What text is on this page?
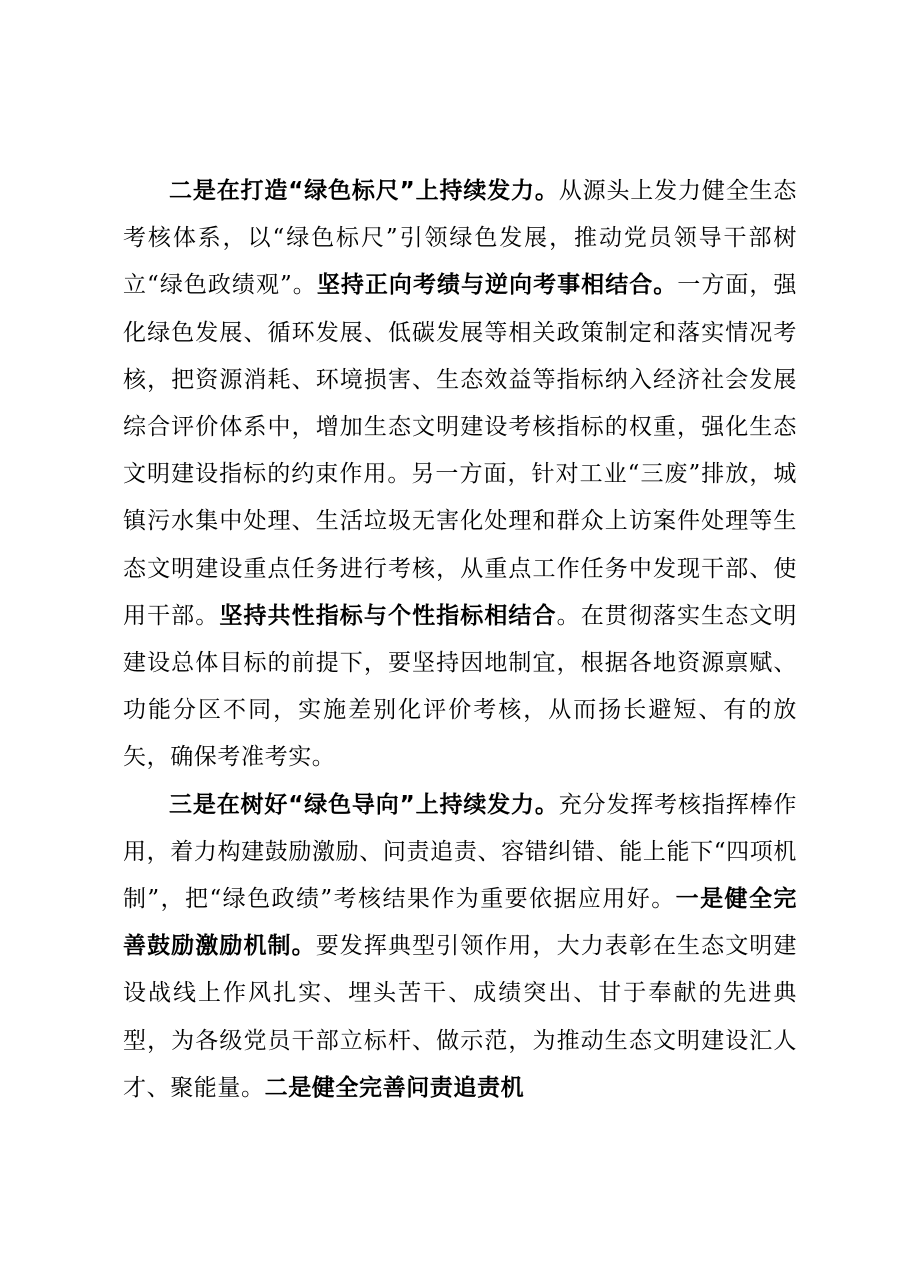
二是在打造“绿色标尺”上持续发力。从源头上发力健全生态考核体系，以“绿色标尺”引领绿色发展，推动党员领导干部树立“绿色政绩观”。坚持正向考绩与逆向考事相结合。一方面，强化绿色发展、循环发展、低碳发展等相关政策制定和落实情况考核，把资源消耗、环境损害、生态效益等指标纳入经济社会发展综合评价体系中，增加生态文明建设考核指标的权重，强化生态文明建设指标的约束作用。另一方面，针对工业“三废”排放，城镇污水集中处理、生活垃圾无害化处理和群众上访案件处理等生态文明建设重点任务进行考核，从重点工作任务中发现干部、使用干部。坚持共性指标与个性指标相结合。在贯彻落实生态文明建设总体目标的前提下，要坚持因地制宜，根据各地资源禀赋、功能分区不同，实施差别化评价考核，从而扬长避短、有的放矢，确保考准考实。

三是在树好“绿色导向”上持续发力。充分发挥考核指挥棒作用，着力构建鼓励激励、问责追责、容错纠错、能上能下“四项机制”，把“绿色政绩”考核结果作为重要依据应用好。一是健全完善鼓励激励机制。要发挥典型引领作用，大力表彰在生态文明建设战线上作风扎实、埋头苦干、成绩突出、甘于奉献的先进典型，为各级党员干部立标杆、做示范，为推动生态文明建设汇人才、聚能量。二是健全完善问责追责机
